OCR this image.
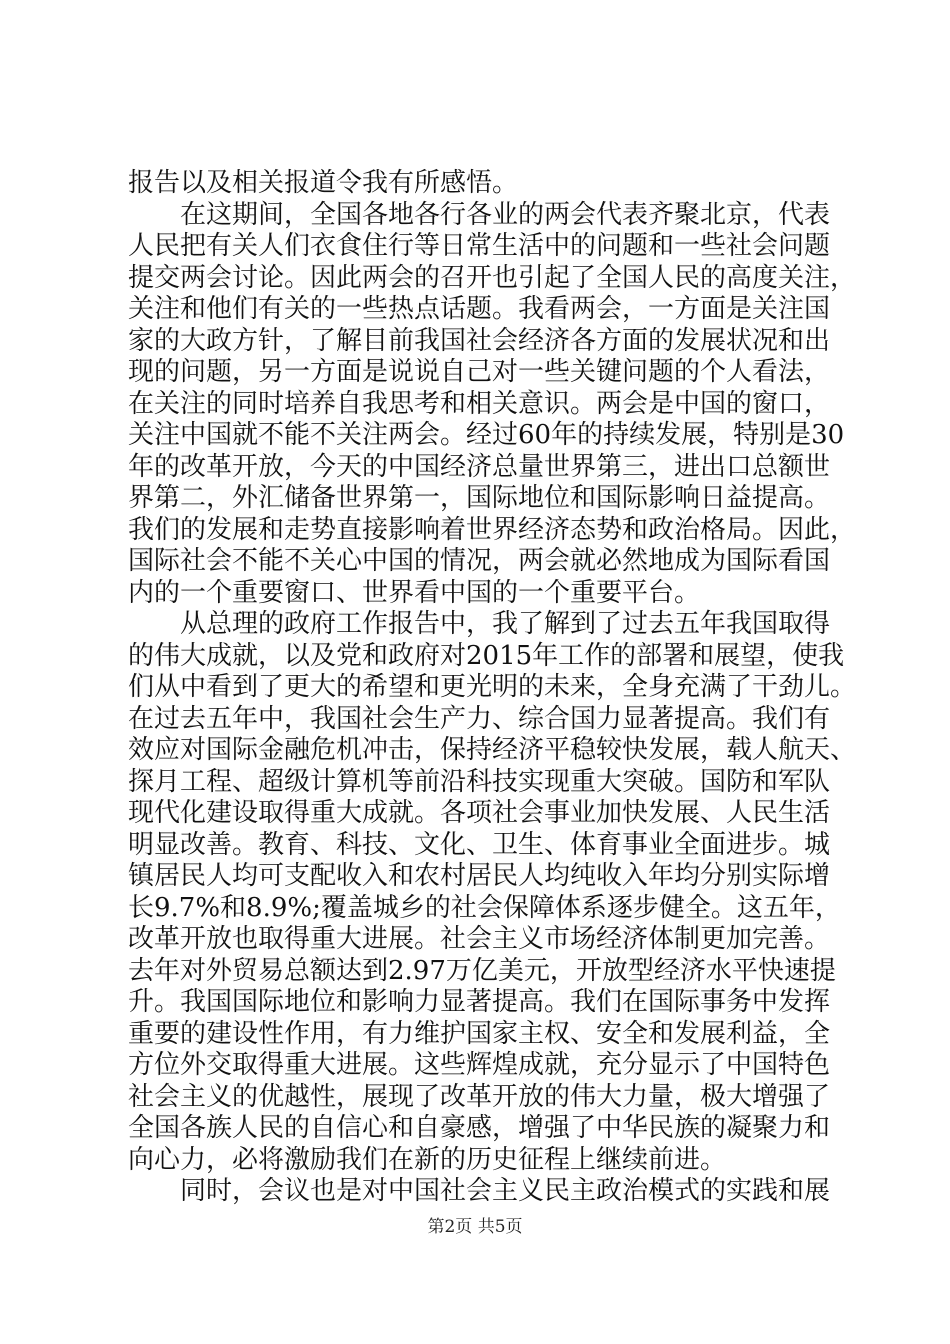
报告以及相关报道令我有所感悟。
　　在这期间，全国各地各行各业的两会代表齐聚北京，代表
人民把有关人们衣食住行等日常生活中的问题和一些社会问题
提交两会讨论。因此两会的召开也引起了全国人民的高度关注，
关注和他们有关的一些热点话题。我看两会，一方面是关注国
家的大政方针，了解目前我国社会经济各方面的发展状况和出
现的问题，另一方面是说说自己对一些关键问题的个人看法，
在关注的同时培养自我思考和相关意识。两会是中国的窗口，
关注中国就不能不关注两会。经过60年的持续发展，特别是30
年的改革开放，今天的中国经济总量世界第三，进出口总额世
界第二，外汇储备世界第一，国际地位和国际影响日益提高。
我们的发展和走势直接影响着世界经济态势和政治格局。因此，
国际社会不能不关心中国的情况，两会就必然地成为国际看国
内的一个重要窗口、世界看中国的一个重要平台。
　　从总理的政府工作报告中，我了解到了过去五年我国取得
的伟大成就，以及党和政府对2015年工作的部署和展望，使我
们从中看到了更大的希望和更光明的未来，全身充满了干劲儿。
在过去五年中，我国社会生产力、综合国力显著提高。我们有
效应对国际金融危机冲击，保持经济平稳较快发展，载人航天、
探月工程、超级计算机等前沿科技实现重大突破。国防和军队
现代化建设取得重大成就。各项社会事业加快发展、人民生活
明显改善。教育、科技、文化、卫生、体育事业全面进步。城
镇居民人均可支配收入和农村居民人均纯收入年均分别实际增
长9.7%和8.9%;覆盖城乡的社会保障体系逐步健全。这五年，
改革开放也取得重大进展。社会主义市场经济体制更加完善。
去年对外贸易总额达到2.97万亿美元，开放型经济水平快速提
升。我国国际地位和影响力显著提高。我们在国际事务中发挥
重要的建设性作用，有力维护国家主权、安全和发展利益，全
方位外交取得重大进展。这些辉煌成就，充分显示了中国特色
社会主义的优越性，展现了改革开放的伟大力量，极大增强了
全国各族人民的自信心和自豪感，增强了中华民族的凝聚力和
向心力，必将激励我们在新的历史征程上继续前进。
　　同时，会议也是对中国社会主义民主政治模式的实践和展
第2页 共5页
